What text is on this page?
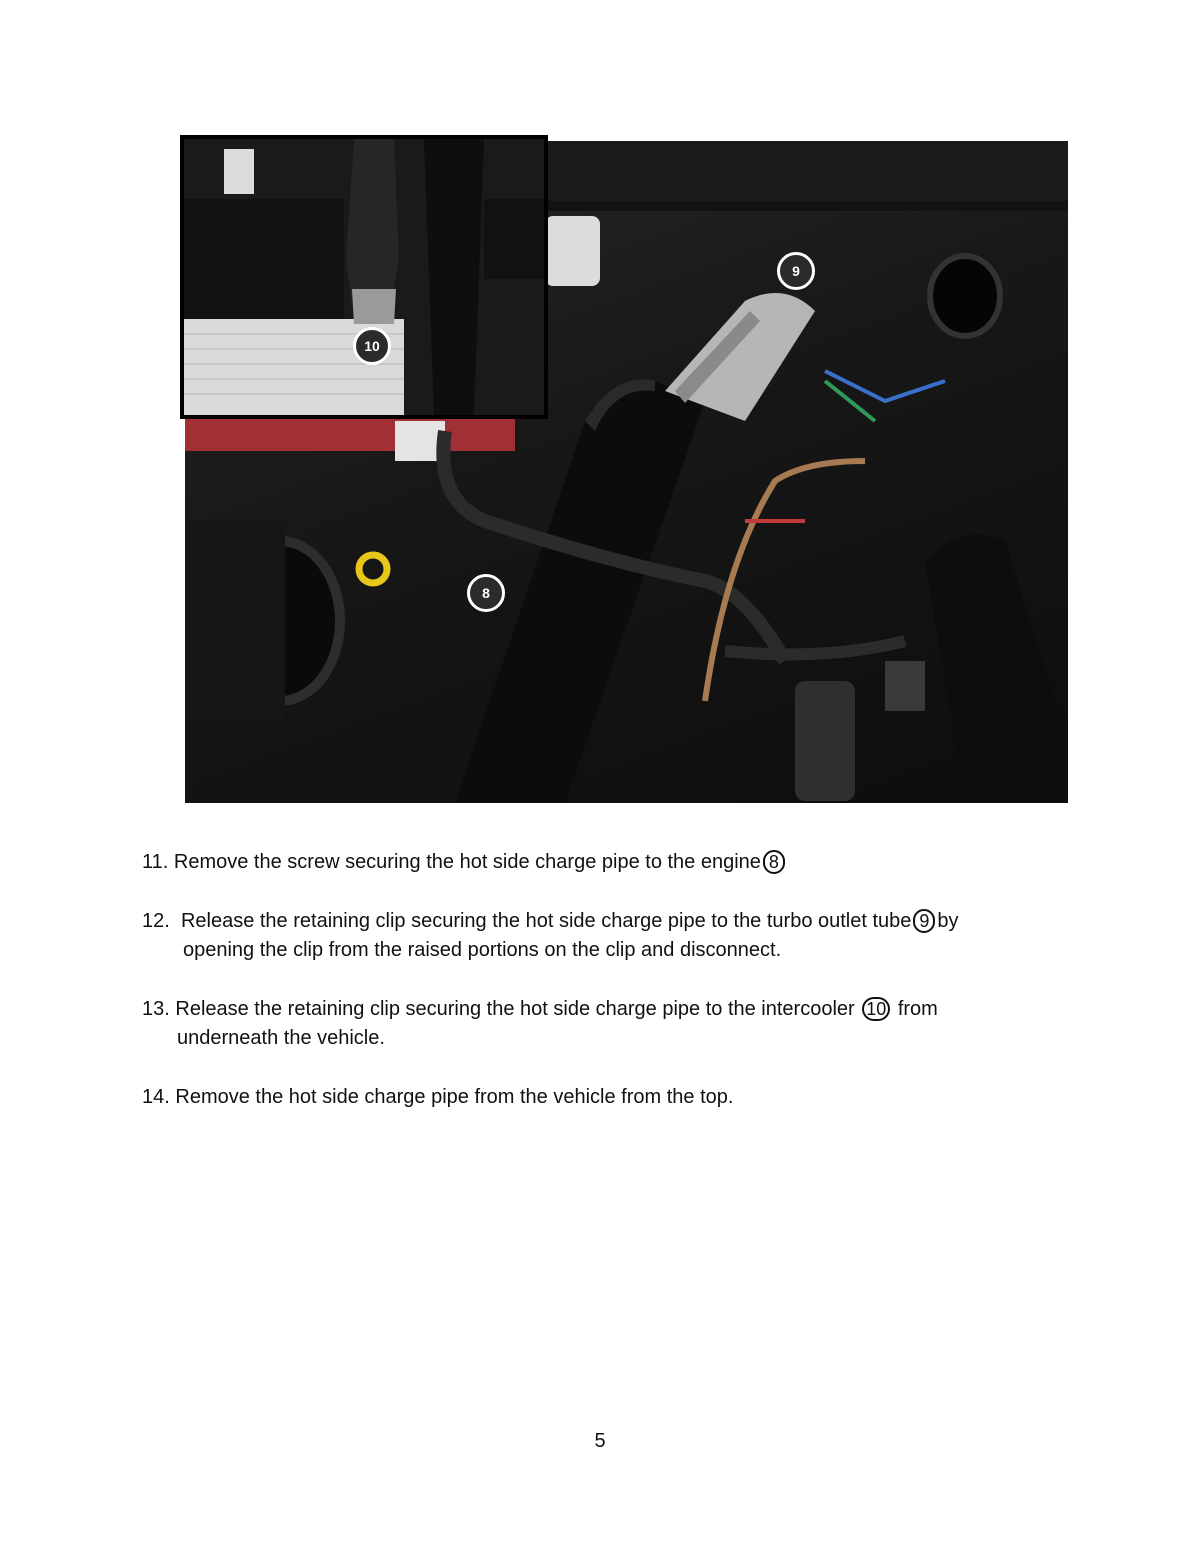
8
9
10
11. Remove the screw securing the hot side charge pipe to the engine 8
12. Release the retaining clip securing the hot side charge pipe to the turbo outlet tube 9 by
opening the clip from the raised portions on the clip and disconnect.
13. Release the retaining clip securing the hot side charge pipe to the intercooler 10 from
underneath the vehicle.
14. Remove the hot side charge pipe from the vehicle from the top.
5
